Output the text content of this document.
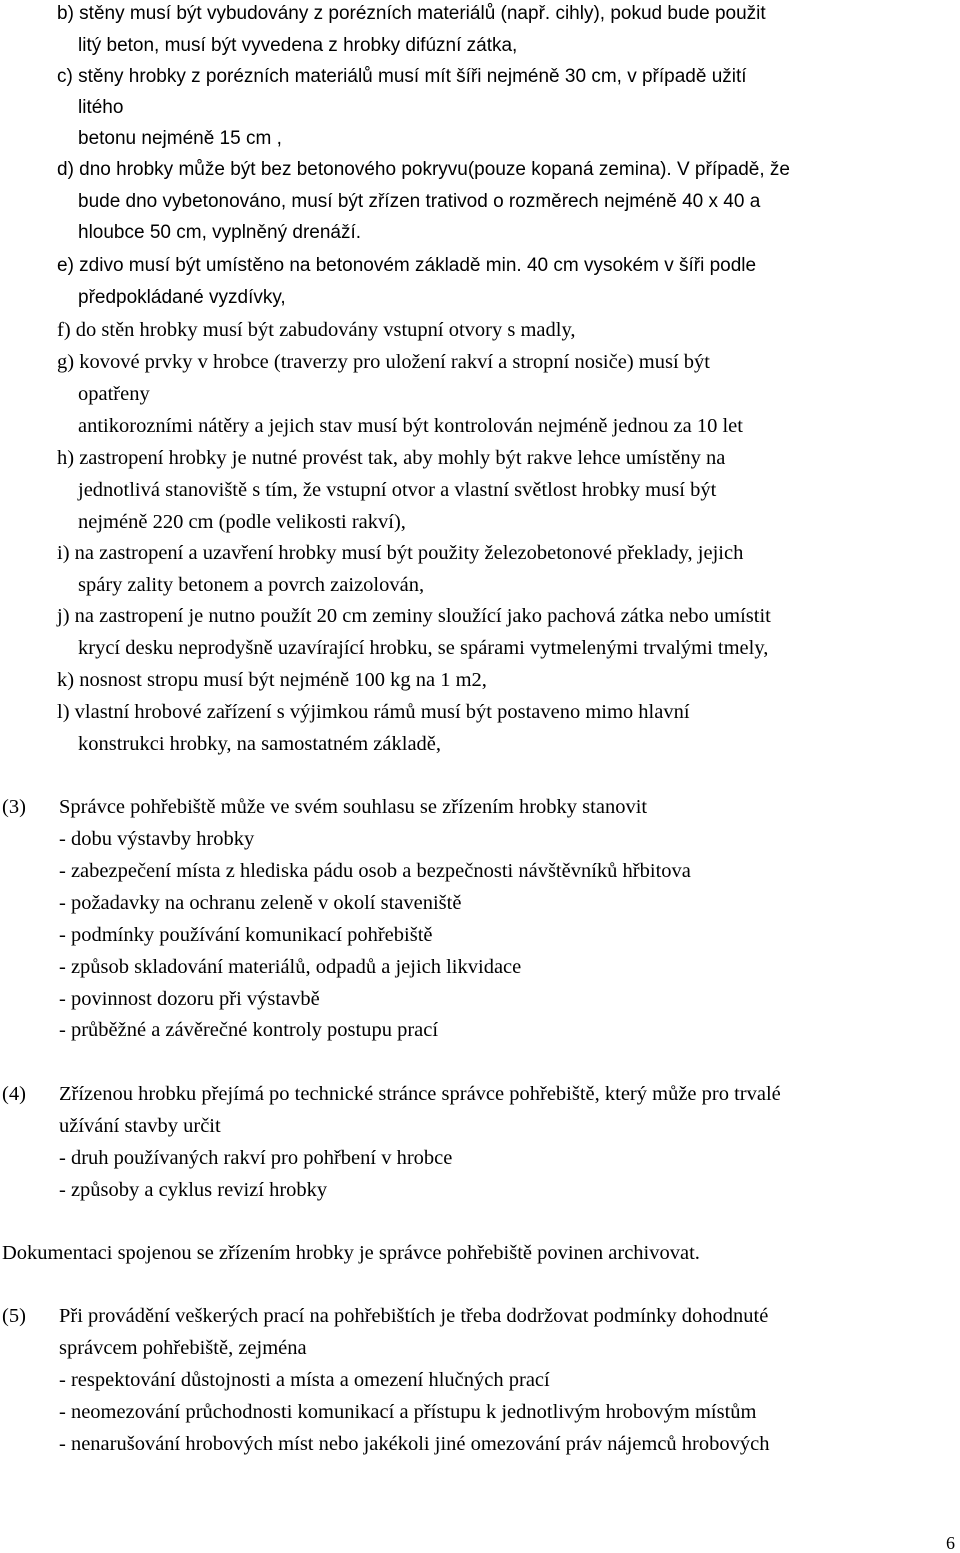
b) stěny musí být vybudovány z porézních materiálů (např. cihly), pokud bude použit
litý beton, musí být vyvedena z hrobky difúzní zátka,
c) stěny hrobky z porézních materiálů musí mít šíři nejméně 30 cm, v případě užití
litého
betonu nejméně 15 cm ,
d) dno hrobky může být bez betonového pokryvu(pouze kopaná zemina). V případě, že
bude dno vybetonováno, musí být zřízen trativod o rozměrech nejméně 40 x 40 a
hloubce 50 cm, vyplněný drenáží.
e) zdivo musí být umístěno na betonovém základě min. 40 cm vysokém v šíři podle
předpokládané vyzdívky,
f) do stěn hrobky musí být zabudovány vstupní otvory s madly,
g) kovové prvky v hrobce (traverzy pro uložení rakví a stropní nosiče) musí být
opatřeny
antikorozními nátěry a jejich stav musí být kontrolován nejméně jednou za 10 let
h) zastropení hrobky je nutné provést tak, aby mohly být rakve lehce umístěny na
jednotlivá stanoviště s tím, že vstupní otvor a vlastní světlost hrobky musí být
nejméně 220 cm (podle velikosti rakví),
i) na zastropení a uzavření hrobky musí být použity železobetonové překlady, jejich
spáry zality betonem a povrch zaizolován,
j) na zastropení je nutno použít 20 cm zeminy sloužící jako pachová zátka nebo umístit
krycí desku neprodyšně uzavírající hrobku, se spárami vytmelenými trvalými tmely,
k) nosnost stropu musí být nejméně 100 kg na 1 m2,
l) vlastní hrobové zařízení s výjimkou rámů musí být postaveno mimo hlavní
konstrukci hrobky, na samostatném základě,
(3) Správce pohřebiště může ve svém souhlasu se zřízením hrobky stanovit
- dobu výstavby hrobky
- zabezpečení místa z hlediska pádu osob a bezpečnosti návštěvníků hřbitova
- požadavky na ochranu zeleně v okolí staveniště
- podmínky používání komunikací pohřebiště
- způsob skladování materiálů, odpadů a jejich likvidace
- povinnost dozoru při výstavbě
- průběžné a závěrečné kontroly postupu prací
(4) Zřízenou hrobku přejímá po technické stránce správce pohřebiště, který může pro trvalé
užívání stavby určit
- druh používaných rakví pro pohřbení v hrobce
- způsoby a cyklus revizí hrobky
Dokumentaci spojenou se zřízením hrobky je správce pohřebiště povinen archivovat.
(5) Při provádění veškerých prací na pohřebištích je třeba dodržovat podmínky dohodnuté
správcem pohřebiště, zejména
- respektování důstojnosti a místa a omezení hlučných prací
- neomezování průchodnosti komunikací a přístupu k jednotlivým hrobovým místům
- nenarušování hrobových míst nebo jakékoli jiné omezování práv nájemců hrobových
6
